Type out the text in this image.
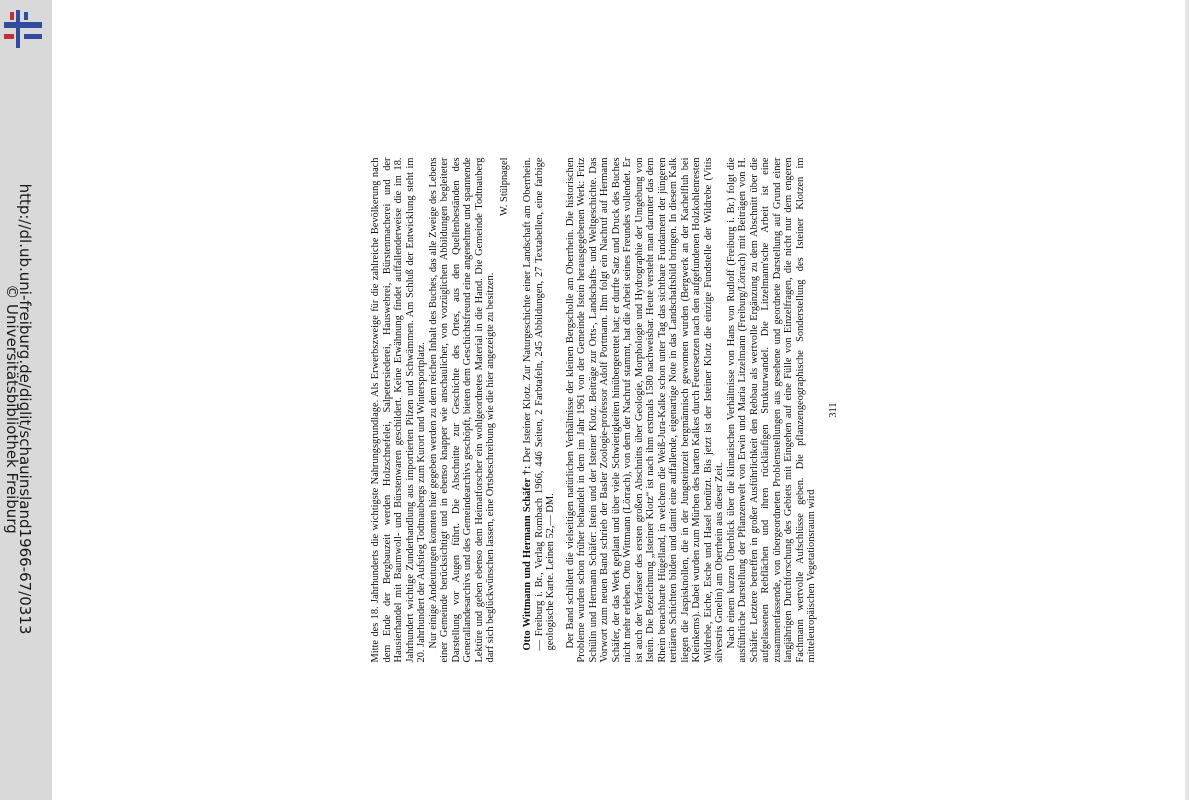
http://dl.ub.uni-freiburg.de/diglit/schauinsland1966-67/0313
© Universitätsbibliothek Freiburg	Mitte des 18. Jahrhunderts die wichtigste Nahrungsgrundlage. Als Erwerbszweige für die zahlreiche Bevölkerung nach dem Ende der Bergbauzeit werden Holzschnefelei, Salpetersiederei, Hauswebrei, Bürstenmacherei und der Hausierhandel mit Baumwoll- und Bürstenwaren geschildert. Keine Erwähnung findet auffallenderweise die im 18. Jahrhundert wichtige Zunderhandlung aus importierten Pilzen und Schwämmen. Am Schluß der Entwicklung steht im 20. Jahrhundert der Aufstieg Todtnaubergs zum Kurort und Wintersportplatz. Nur einige Andeutungen konnten hier gegeben werden zu dem reichen Inhalt des Buches, das alle Zweige des Lebens einer Gemeinde berücksichtigt und in ebenso knapper wie anschaulicher, von vorzüglichen Abbildungen begleiteter Darstellung vor Augen führt. Die Abschnitte zur Geschichte des Ortes, aus den Quellenbeständen des Generallandesarchivs und des Gemeindearchivs geschöpft, bieten dem Geschichtsfreund eine angenehme und spannende Lektüre und geben ebenso dem Heimatforscher ein wohlgeordnetes Material in die Hand. Die Gemeinde Todtnauberg darf sich beglückwünschen lassen, eine Ortsbeschreibung wie die hier angezeigte zu besitzen.

W. Stülpnagel

Otto Wittmann und Hermann Schäfer †: Der Isteiner Klotz. Zur Naturgeschichte einer Landschaft am Oberrhein. — Freiburg i. Br., Verlag Rombach 1966, 446 Seiten, 2 Farbtafeln, 245 Abbildungen, 27 Textabellen, eine farbige geologische Karte. Leinen 52,— DM. Der Band schildert die vielseitigen natürlichen Verhältnisse der kleinen Bergscholle am Oberrhein. Die historischen Probleme wurden schon früher behandelt in dem im Jahr 1961 von der Gemeinde Istein herausgegebenen Werk: Fritz Schülin und Hermann Schäfer: Istein und der Isteiner Klotz. Beiträge zur Orts-, Landschafts- und Weltgeschichte. Das Vorwort zum neuen Band schrieb der Basler Zoologie-professor Adolf Portmann. Ihm folgt ein Nachruf auf Hermann Schäfer, der das Werk geplant und über viele Schwierigkeiten hinübergerettet hat; er durfte Satz und Druck des Buches nicht mehr erleben. Otto Wittmann (Lörrach), von dem der Nachruf stammt, hat die Arbeit seines Freundes vollendet. Er ist auch der Verfasser des ersten großen Abschnitts über Geologie, Morphologie und Hydrographie der Umgebung von Istein. Die Bezeichnung „Isteiner Klotz“ ist nach ihm erstmals 1580 nachweisbar. Heute versteht man darunter das dem Rhein benachbarte Hügelland, in welchem die Weiß-Jura-Kalke schon unter Tag das sichtbare Fundament der jüngeren tertiären Schichten bilden und damit eine auffallende, eigenartige Note in das Landschaftsbild bringen. In diesem Kalk liegen die Jaspisknollen, die in der Jungsteinzeit bergmännisch gewonnen wurden (Bergwerk an der Kachelfluh bei Kleinkems). Dabei wurden zum Mürben des harten Kalkes durch Feuersetzen nach den aufgefundenen Holzkohlenresten Wildrebe, Eiche, Esche und Hasel benützt. Bis jetzt ist der Isteiner Klotz die einzige Fundstelle der Wildrebe (Vitis silvestris Gmelin) am Oberrhein aus dieser Zeit. Nach einem kurzen Überblick über die klimatischen Verhältnisse von Hans von Rudloff (Freiburg i. Br.) folgt die ausführliche Darstellung der Pflanzenwelt von Erwin und Maria Litzelmann (Freiburg/Lörrach) mit Beiträgen von H. Schäfer. Letztere betreffen in großer Ausführlichkeit den Rebbau als wertvolle Ergänzung zu dem Abschnitt über die aufgelassenen Rebflächen und ihren rückläufigen Strukturwandel. Die Litzelmann'sche Arbeit ist eine zusammenfassende, von übergeordneten Problemstellungen aus gesehene und geordnete Darstellung auf Grund einer langjährigen Durchforschung des Gebiets mit Eingehen auf eine Fülle von Einzelfragen, die nicht nur dem engeren Fachmann wertvolle Aufschlüsse geben. Die pflanzengeographische Sonderstellung des Isteiner Klotzen im mitteleuropäischen Vegetationsraum wird

311
